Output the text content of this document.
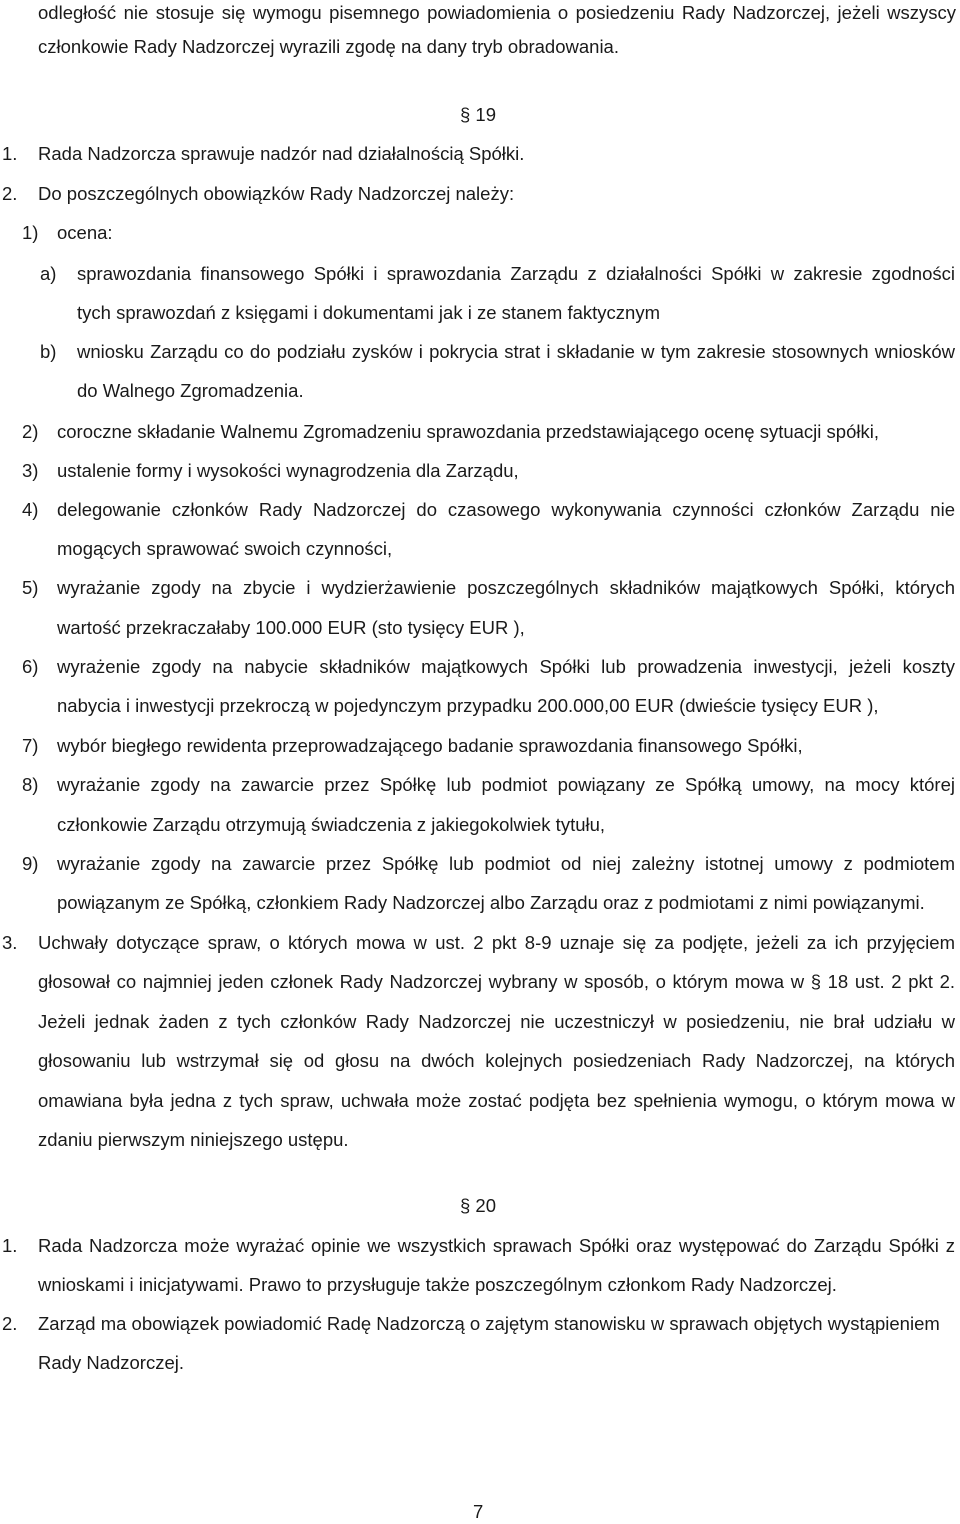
odległość nie stosuje się wymogu pisemnego powiadomienia o posiedzeniu Rady Nadzorczej, jeżeli wszyscy
członkowie Rady Nadzorczej wyrazili zgodę na dany tryb obradowania.
§ 19
1. Rada Nadzorcza sprawuje nadzór nad działalnością Spółki.
2. Do poszczególnych obowiązków Rady Nadzorczej należy:
1) ocena:
a) sprawozdania finansowego Spółki i sprawozdania Zarządu z działalności Spółki w zakresie zgodności
tych sprawozdań z księgami i dokumentami jak i ze stanem faktycznym
b) wniosku Zarządu co do podziału zysków i pokrycia strat i składanie w tym zakresie stosownych wniosków
do Walnego Zgromadzenia.
2) coroczne składanie Walnemu Zgromadzeniu sprawozdania przedstawiającego ocenę sytuacji spółki,
3) ustalenie formy i wysokości wynagrodzenia dla Zarządu,
4) delegowanie członków Rady Nadzorczej do czasowego wykonywania czynności członków Zarządu nie
mogących sprawować swoich czynności,
5) wyrażanie zgody na zbycie i wydzierżawienie poszczególnych składników majątkowych Spółki, których
wartość przekraczałaby 100.000 EUR (sto tysięcy EUR ),
6) wyrażenie zgody na nabycie składników majątkowych Spółki lub prowadzenia inwestycji, jeżeli koszty
nabycia i inwestycji przekroczą w pojedynczym przypadku 200.000,00 EUR (dwieście tysięcy EUR ),
7) wybór biegłego rewidenta przeprowadzającego badanie sprawozdania finansowego Spółki,
8) wyrażanie zgody na zawarcie przez Spółkę lub podmiot powiązany ze Spółką umowy, na mocy której
członkowie Zarządu otrzymują świadczenia z jakiegokolwiek tytułu,
9) wyrażanie zgody na zawarcie przez Spółkę lub podmiot od niej zależny istotnej umowy z podmiotem
powiązanym ze Spółką, członkiem Rady Nadzorczej albo Zarządu oraz z podmiotami z nimi powiązanymi.
3. Uchwały dotyczące spraw, o których mowa w ust. 2 pkt 8-9 uznaje się za podjęte, jeżeli za ich przyjęciem
głosował co najmniej jeden członek Rady Nadzorczej wybrany w sposób, o którym mowa w § 18 ust. 2 pkt 2.
Jeżeli jednak żaden z tych członków Rady Nadzorczej nie uczestniczył w posiedzeniu, nie brał udziału w
głosowaniu lub wstrzymał się od głosu na dwóch kolejnych posiedzeniach Rady Nadzorczej, na których
omawiana była jedna z tych spraw, uchwała może zostać podjęta bez spełnienia wymogu, o którym mowa w
zdaniu pierwszym niniejszego ustępu.
§ 20
1. Rada Nadzorcza może wyrażać opinie we wszystkich sprawach Spółki oraz występować do Zarządu Spółki z
wnioskami i inicjatywami. Prawo to przysługuje także poszczególnym członkom Rady Nadzorczej.
2. Zarząd ma obowiązek powiadomić Radę Nadzorczą o zajętym stanowisku w sprawach objętych wystąpieniem
Rady Nadzorczej.
7
